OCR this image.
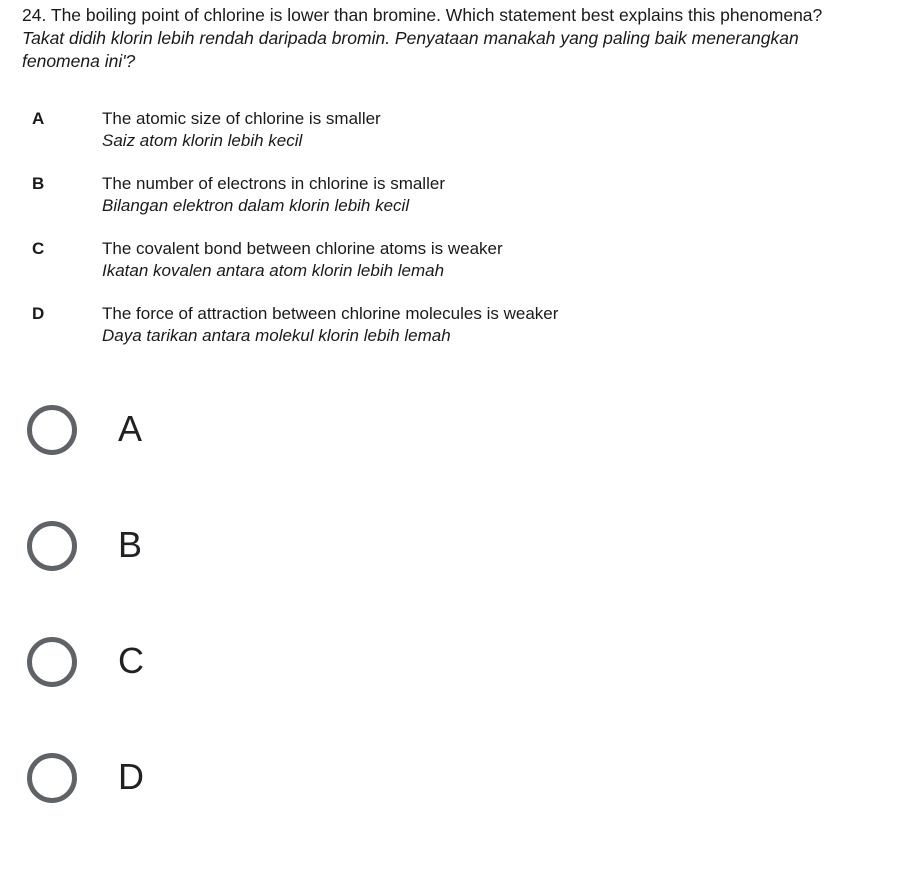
24. The boiling point of chlorine is lower than bromine. Which statement best explains this phenomena?

Takat didih klorin lebih rendah daripada bromin. Penyataan manakah yang paling baik menerangkan

fenomena ini'?

A	The atomic size of chlorine is smaller
Saiz atom klorin lebih kecil
B	The number of electrons in chlorine is smaller
Bilangan elektron dalam klorin lebih kecil
C	The covalent bond between chlorine atoms is weaker
Ikatan kovalen antara atom klorin lebih lemah
D	The force of attraction between chlorine molecules is weaker
Daya tarikan antara molekul klorin lebih lemah
A
B
C
D
